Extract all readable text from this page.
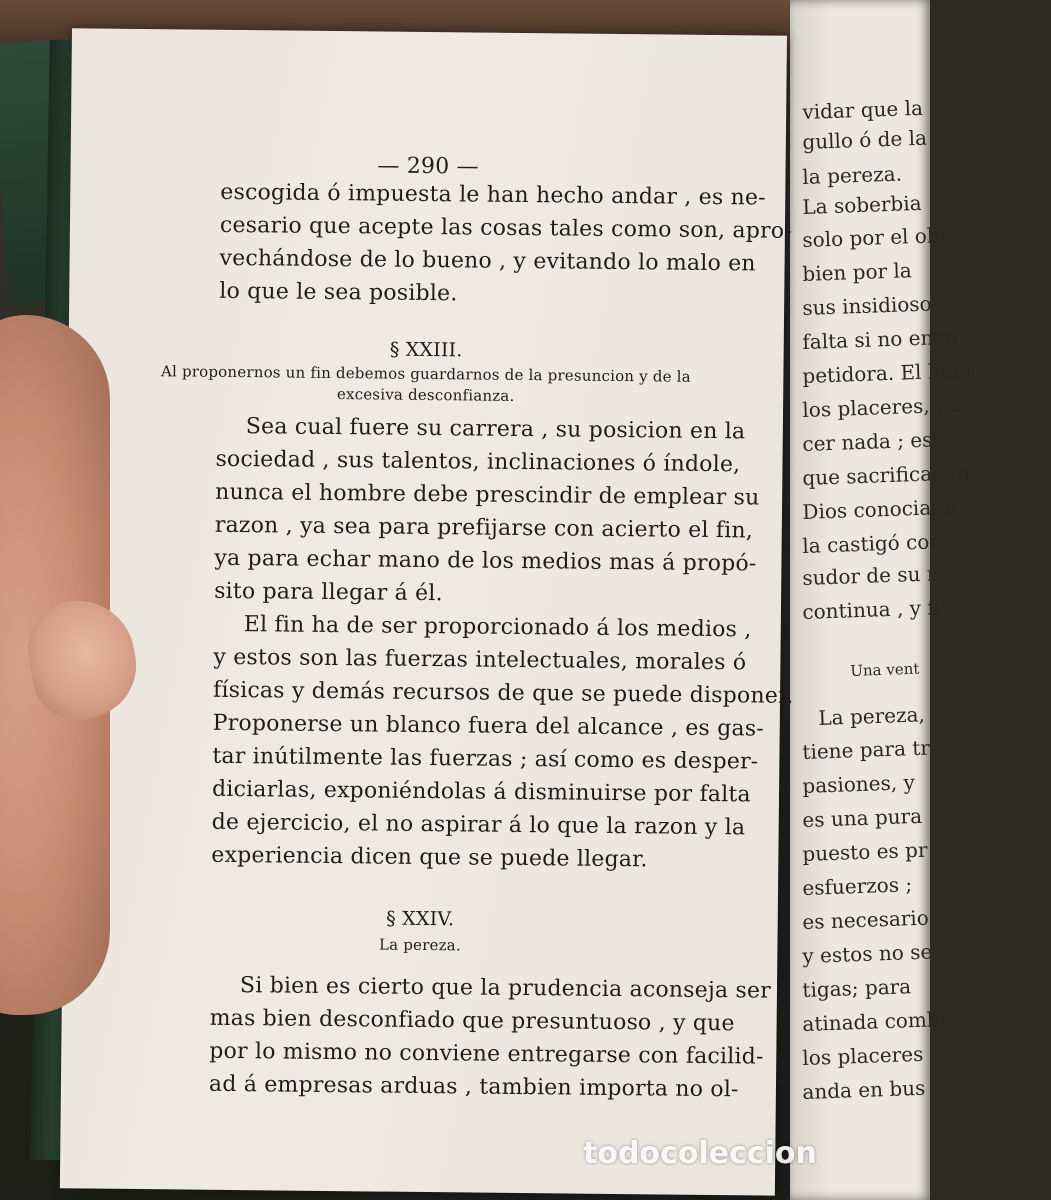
vidar que la
gullo ó de la
la pereza.
La soberbia
solo por el obj
bien por la
sus insidiosos
falta si no encu
petidora. El hom
los placeres, pe
cer nada ; esto
que sacrifica á n
Dios conocia bi
la castigó con
sudor de su r
continua , y fi
Una vent
La pereza,
tiene para tr
pasiones, y
es una pura
puesto es pr
esfuerzos ;
es necesario
y estos no se
tigas; para
atinada combi
los placeres
anda en bus
— 290 —
escogida ó impuesta le han hecho andar , es ne-
cesario que acepte las cosas tales como son, apro-
vechándose de lo bueno , y evitando lo malo en
lo que le sea posible.
§ XXIII.
Al proponernos un fin debemos guardarnos de la presuncion y de la
excesiva desconfianza.
Sea cual fuere su carrera , su posicion en la
sociedad , sus talentos, inclinaciones ó índole,
nunca el hombre debe prescindir de emplear su
razon , ya sea para prefijarse con acierto el fin,
ya para echar mano de los medios mas á propó-
sito para llegar á él.
El fin ha de ser proporcionado á los medios ,
y estos son las fuerzas intelectuales, morales ó
físicas y demás recursos de que se puede disponer.
Proponerse un blanco fuera del alcance , es gas-
tar inútilmente las fuerzas ; así como es desper-
diciarlas, exponiéndolas á disminuirse por falta
de ejercicio, el no aspirar á lo que la razon y la
experiencia dicen que se puede llegar.
§ XXIV.
La pereza.
Si bien es cierto que la prudencia aconseja ser
mas bien desconfiado que presuntuoso , y que
por lo mismo no conviene entregarse con facilid-
ad á empresas arduas , tambien importa no ol-
todocoleccion
